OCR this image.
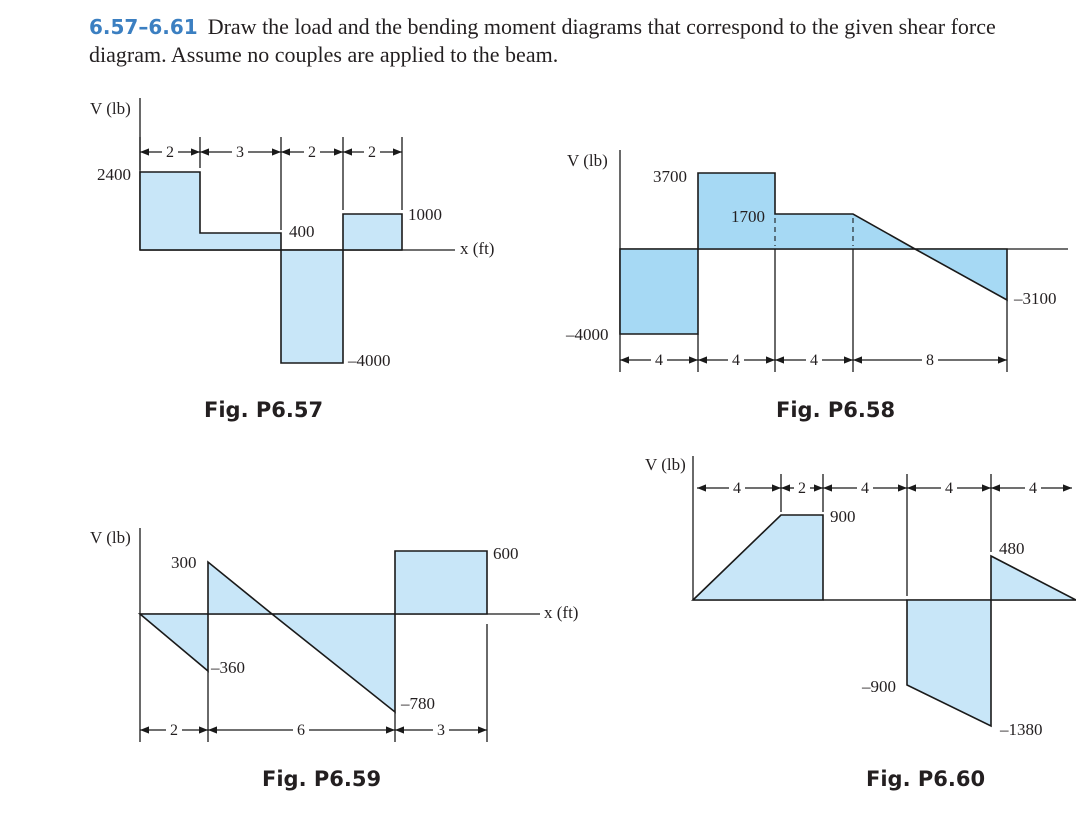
6.57–6.61 Draw the load and the bending moment diagrams that correspond to the given shear force diagram. Assume no couples are applied to the beam.
V (lb)
x (ft)
2	3	2	2
2400
400
1000
–4000
Fig. P6.57
V (lb)
4	4	4	8
3700
1700
–4000
–3100
Fig. P6.58
V (lb)
x (ft)
2	6	3
300
–360
600
–780
Fig. P6.59
V (lb)
4	2	4	4	4
900
480
–900
–1380
Fig. P6.60
